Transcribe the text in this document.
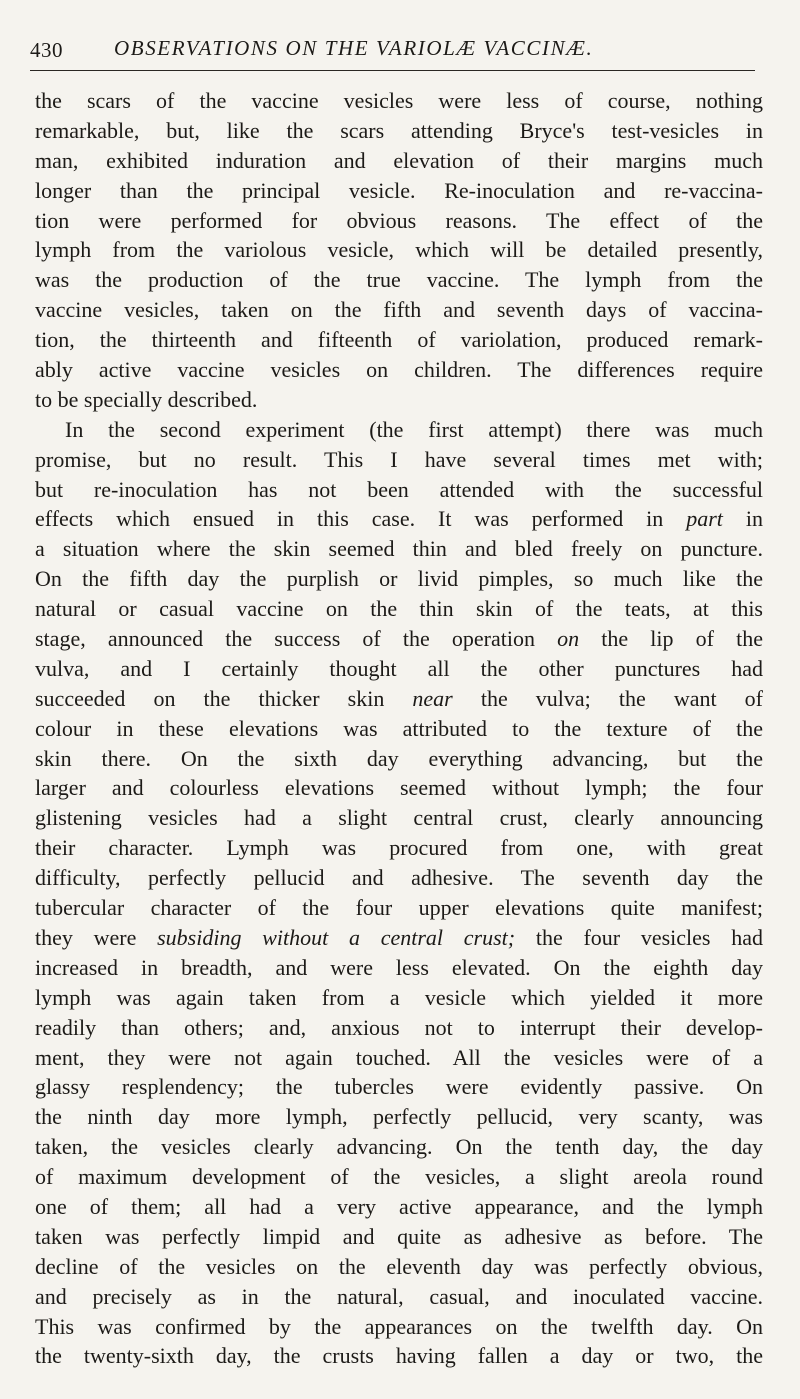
430 OBSERVATIONS ON THE VARIOLÆ VACCINÆ.
the scars of the vaccine vesicles were less of course, nothing
remarkable, but, like the scars attending Bryce's test-vesicles in
man, exhibited induration and elevation of their margins much
longer than the principal vesicle. Re-inoculation and re-vaccina-
tion were performed for obvious reasons. The effect of the
lymph from the variolous vesicle, which will be detailed presently,
was the production of the true vaccine. The lymph from the
vaccine vesicles, taken on the fifth and seventh days of vaccina-
tion, the thirteenth and fifteenth of variolation, produced remark-
ably active vaccine vesicles on children. The differences require
to be specially described.
In the second experiment (the first attempt) there was much
promise, but no result. This I have several times met with;
but re-inoculation has not been attended with the successful
effects which ensued in this case. It was performed in part in
a situation where the skin seemed thin and bled freely on puncture.
On the fifth day the purplish or livid pimples, so much like the
natural or casual vaccine on the thin skin of the teats, at this
stage, announced the success of the operation on the lip of the
vulva, and I certainly thought all the other punctures had
succeeded on the thicker skin near the vulva; the want of
colour in these elevations was attributed to the texture of the
skin there. On the sixth day everything advancing, but the
larger and colourless elevations seemed without lymph; the four
glistening vesicles had a slight central crust, clearly announcing
their character. Lymph was procured from one, with great
difficulty, perfectly pellucid and adhesive. The seventh day the
tubercular character of the four upper elevations quite manifest;
they were subsiding without a central crust; the four vesicles had
increased in breadth, and were less elevated. On the eighth day
lymph was again taken from a vesicle which yielded it more
readily than others; and, anxious not to interrupt their develop-
ment, they were not again touched. All the vesicles were of a
glassy resplendency; the tubercles were evidently passive. On
the ninth day more lymph, perfectly pellucid, very scanty, was
taken, the vesicles clearly advancing. On the tenth day, the day
of maximum development of the vesicles, a slight areola round
one of them; all had a very active appearance, and the lymph
taken was perfectly limpid and quite as adhesive as before. The
decline of the vesicles on the eleventh day was perfectly obvious,
and precisely as in the natural, casual, and inoculated vaccine.
This was confirmed by the appearances on the twelfth day. On
the twenty-sixth day, the crusts having fallen a day or two, the
